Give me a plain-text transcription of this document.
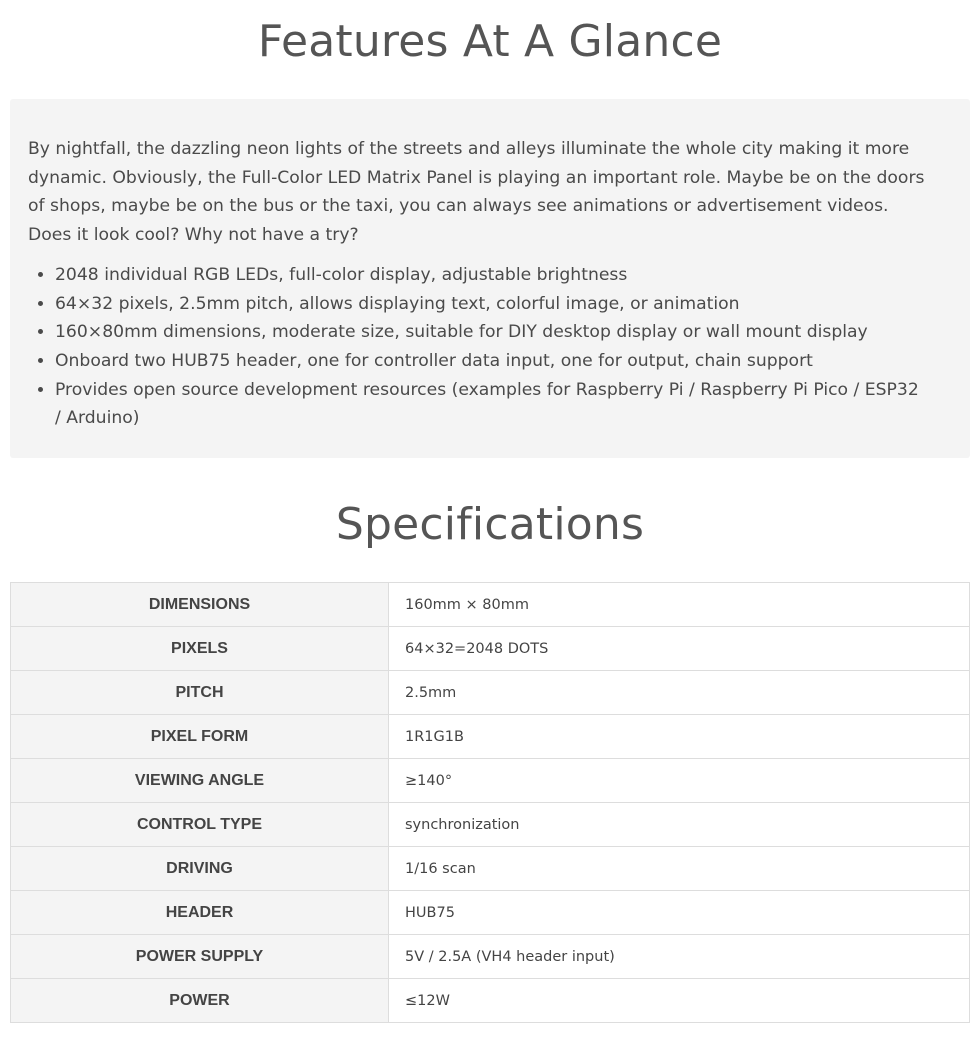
Features At A Glance

By nightfall, the dazzling neon lights of the streets and alleys illuminate the whole city making it more dynamic. Obviously, the Full-Color LED Matrix Panel is playing an important role. Maybe be on the doors of shops, maybe be on the bus or the taxi, you can always see animations or advertisement videos. Does it look cool? Why not have a try?

• 2048 individual RGB LEDs, full-color display, adjustable brightness
• 64×32 pixels, 2.5mm pitch, allows displaying text, colorful image, or animation
• 160×80mm dimensions, moderate size, suitable for DIY desktop display or wall mount display
• Onboard two HUB75 header, one for controller data input, one for output, chain support
• Provides open source development resources (examples for Raspberry Pi / Raspberry Pi Pico / ESP32 / Arduino)
Specifications
DIMENSIONS	160mm × 80mm
PIXELS	64×32=2048 DOTS
PITCH	2.5mm
PIXEL FORM	1R1G1B
VIEWING ANGLE	≥140°
CONTROL TYPE	synchronization
DRIVING	1/16 scan
HEADER	HUB75
POWER SUPPLY	5V / 2.5A (VH4 header input)
POWER	≤12W
